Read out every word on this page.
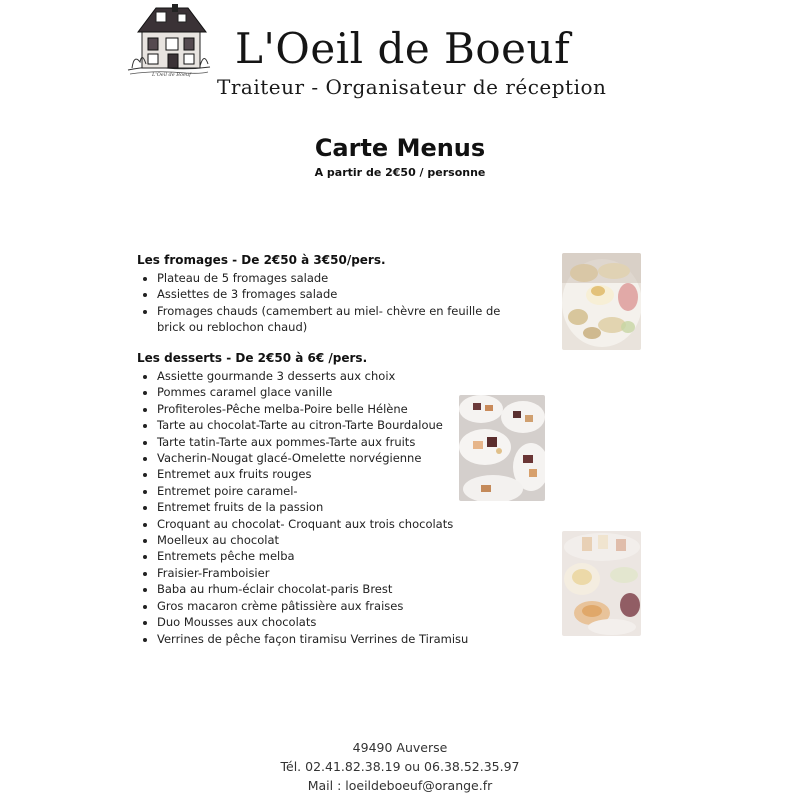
L'Oeil de Boeuf
L'Oeil de Boeuf
Traiteur - Organisateur de réception
Carte Menus
A partir de 2€50 / personne
Les fromages - De 2€50 à 3€50/pers.
• Plateau de 5 fromages salade
• Assiettes de 3 fromages salade
• Fromages chauds (camembert au miel- chèvre en feuille de brick ou reblochon chaud)
Les desserts - De 2€50 à 6€ /pers.
• Assiette gourmande 3 desserts aux choix
• Pommes caramel glace vanille
• Profiteroles-Pêche melba-Poire belle Hélène
• Tarte au chocolat-Tarte au citron-Tarte Bourdaloue
• Tarte tatin-Tarte aux pommes-Tarte aux fruits
• Vacherin-Nougat glacé-Omelette norvégienne
• Entremet aux fruits rouges
• Entremet poire caramel-
• Entremet fruits de la passion
• Croquant au chocolat- Croquant aux trois chocolats
• Moelleux au chocolat
• Entremets pêche melba
• Fraisier-Framboisier
• Baba au rhum-éclair chocolat-paris Brest
• Gros macaron crème pâtissière aux fraises
• Duo Mousses aux chocolats
• Verrines de pêche façon tiramisu Verrines de Tiramisu
49490 Auverse
Tél. 02.41.82.38.19 ou 06.38.52.35.97
Mail : loeildeboeuf@orange.fr
